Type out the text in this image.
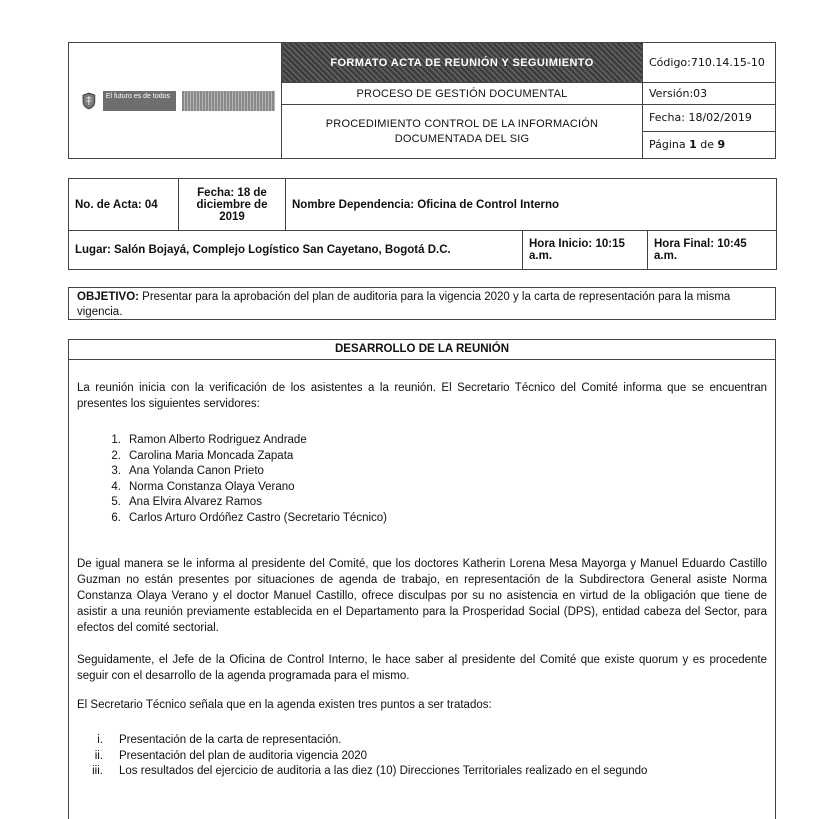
El futuro es de todos	FORMATO ACTA DE REUNIÓN Y SEGUIMIENTO	Código:710.14.15-10
	PROCESO DE GESTIÓN DOCUMENTAL	Versión:03
	PROCEDIMIENTO CONTROL DE LA INFORMACIÓN DOCUMENTADA DEL SIG	Fecha: 18/02/2019
Página 1 de 9
No. de Acta: 04	Fecha: 18 de diciembre de 2019	Nombre Dependencia: Oficina de Control Interno		
Lugar: Salón Bojayá, Complejo Logístico San Cayetano, Bogotá D.C.			Hora Inicio: 10:15 a.m.	Hora Final: 10:45 a.m.
OBJETIVO: Presentar para la aprobación del plan de auditoria para la vigencia 2020 y la carta de representación para la misma vigencia.
DESARROLLO DE LA REUNIÓN
La reunión inicia con la verificación de los asistentes a la reunión. El Secretario Técnico del Comité informa que se encuentran presentes los siguientes servidores:
1. Ramon Alberto Rodriguez Andrade
2. Carolina Maria Moncada Zapata
3. Ana Yolanda Canon Prieto
4. Norma Constanza Olaya Verano
5. Ana Elvira Alvarez Ramos
6. Carlos Arturo Ordóñez Castro (Secretario Técnico)
De igual manera se le informa al presidente del Comité, que los doctores Katherin Lorena Mesa Mayorga y Manuel Eduardo Castillo Guzman no están presentes por situaciones de agenda de trabajo, en representación de la Subdirectora General asiste Norma Constanza Olaya Verano y el doctor Manuel Castillo, ofrece disculpas por su no asistencia en virtud de la obligación que tiene de asistir a una reunión previamente establecida en el Departamento para la Prosperidad Social (DPS), entidad cabeza del Sector, para efectos del comité sectorial.
Seguidamente, el Jefe de la Oficina de Control Interno, le hace saber al presidente del Comité que existe quorum y es procedente seguir con el desarrollo de la agenda programada para el mismo.
El Secretario Técnico señala que en la agenda existen tres puntos a ser tratados:
i. Presentación de la carta de representación.
ii. Presentación del plan de auditoria vigencia 2020
iii. Los resultados del ejercicio de auditoria a las diez (10) Direcciones Territoriales realizado en el segundo
